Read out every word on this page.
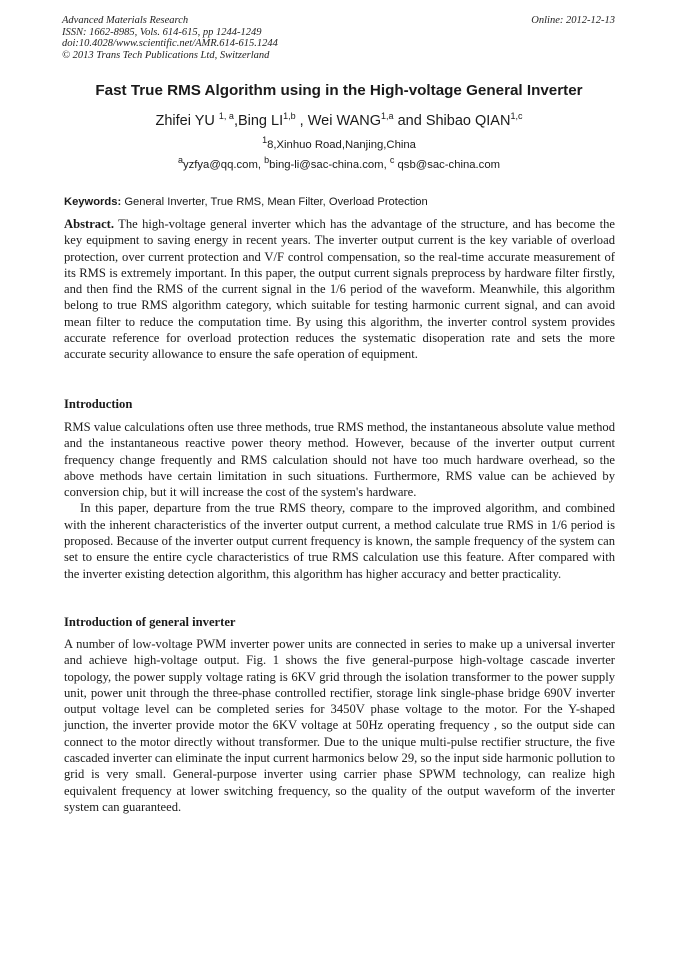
Advanced Materials Research
ISSN: 1662-8985, Vols. 614-615, pp 1244-1249
doi:10.4028/www.scientific.net/AMR.614-615.1244
© 2013 Trans Tech Publications Ltd, Switzerland
Online: 2012-12-13
Fast True RMS Algorithm using in the High-voltage General Inverter
Zhifei YU $^{1, a}$,Bing LI$^{1,b}$ , Wei WANG$^{1,a}$ and Shibao QIAN$^{1,c}$
$^1$8,Xinhuo Road,Nanjing,China
$^a$yzfya@qq.com, $^b$bing-li@sac-china.com, $^c$ qsb@sac-china.com
Keywords: General Inverter, True RMS, Mean Filter, Overload Protection

Abstract. The high-voltage general inverter which has the advantage of the structure, and has become the key equipment to saving energy in recent years. The inverter output current is the key variable of overload protection, over current protection and V/F control compensation, so the real-time accurate measurement of its RMS is extremely important. In this paper, the output current signals preprocess by hardware filter firstly, and then find the RMS of the current signal in the 1/6 period of the waveform. Meanwhile, this algorithm belong to true RMS algorithm category, which suitable for testing harmonic current signal, and can avoid mean filter to reduce the computation time. By using this algorithm, the inverter control system provides accurate reference for overload protection reduces the systematic disoperation rate and sets the more accurate security allowance to ensure the safe operation of equipment.

Introduction

RMS value calculations often use three methods, true RMS method, the instantaneous absolute value method and the instantaneous reactive power theory method. However, because of the inverter output current frequency change frequently and RMS calculation should not have too much hardware overhead, so the above methods have certain limitation in such situations. Furthermore, RMS value can be achieved by conversion chip, but it will increase the cost of the system's hardware.

In this paper, departure from the true RMS theory, compare to the improved algorithm, and combined with the inherent characteristics of the inverter output current, a method calculate true RMS in 1/6 period is proposed. Because of the inverter output current frequency is known, the sample frequency of the system can set to ensure the entire cycle characteristics of true RMS calculation use this feature. After compared with the inverter existing detection algorithm, this algorithm has higher accuracy and better practicality.

Introduction of general inverter

A number of low-voltage PWM inverter power units are connected in series to make up a universal inverter and achieve high-voltage output. Fig. 1 shows the five general-purpose high-voltage cascade inverter topology, the power supply voltage rating is 6KV grid through the isolation transformer to the power supply unit, power unit through the three-phase controlled rectifier, storage link single-phase bridge 690V inverter output voltage level can be completed series for 3450V phase voltage to the motor. For the Y-shaped junction, the inverter provide motor the 6KV voltage at 50Hz operating frequency , so the output side can connect to the motor directly without transformer. Due to the unique multi-pulse rectifier structure, the five cascaded inverter can eliminate the input current harmonics below 29, so the input side harmonic pollution to grid is very small. General-purpose inverter using carrier phase SPWM technology, can realize high equivalent frequency at lower switching frequency, so the quality of the output waveform of the inverter system can guaranteed.
